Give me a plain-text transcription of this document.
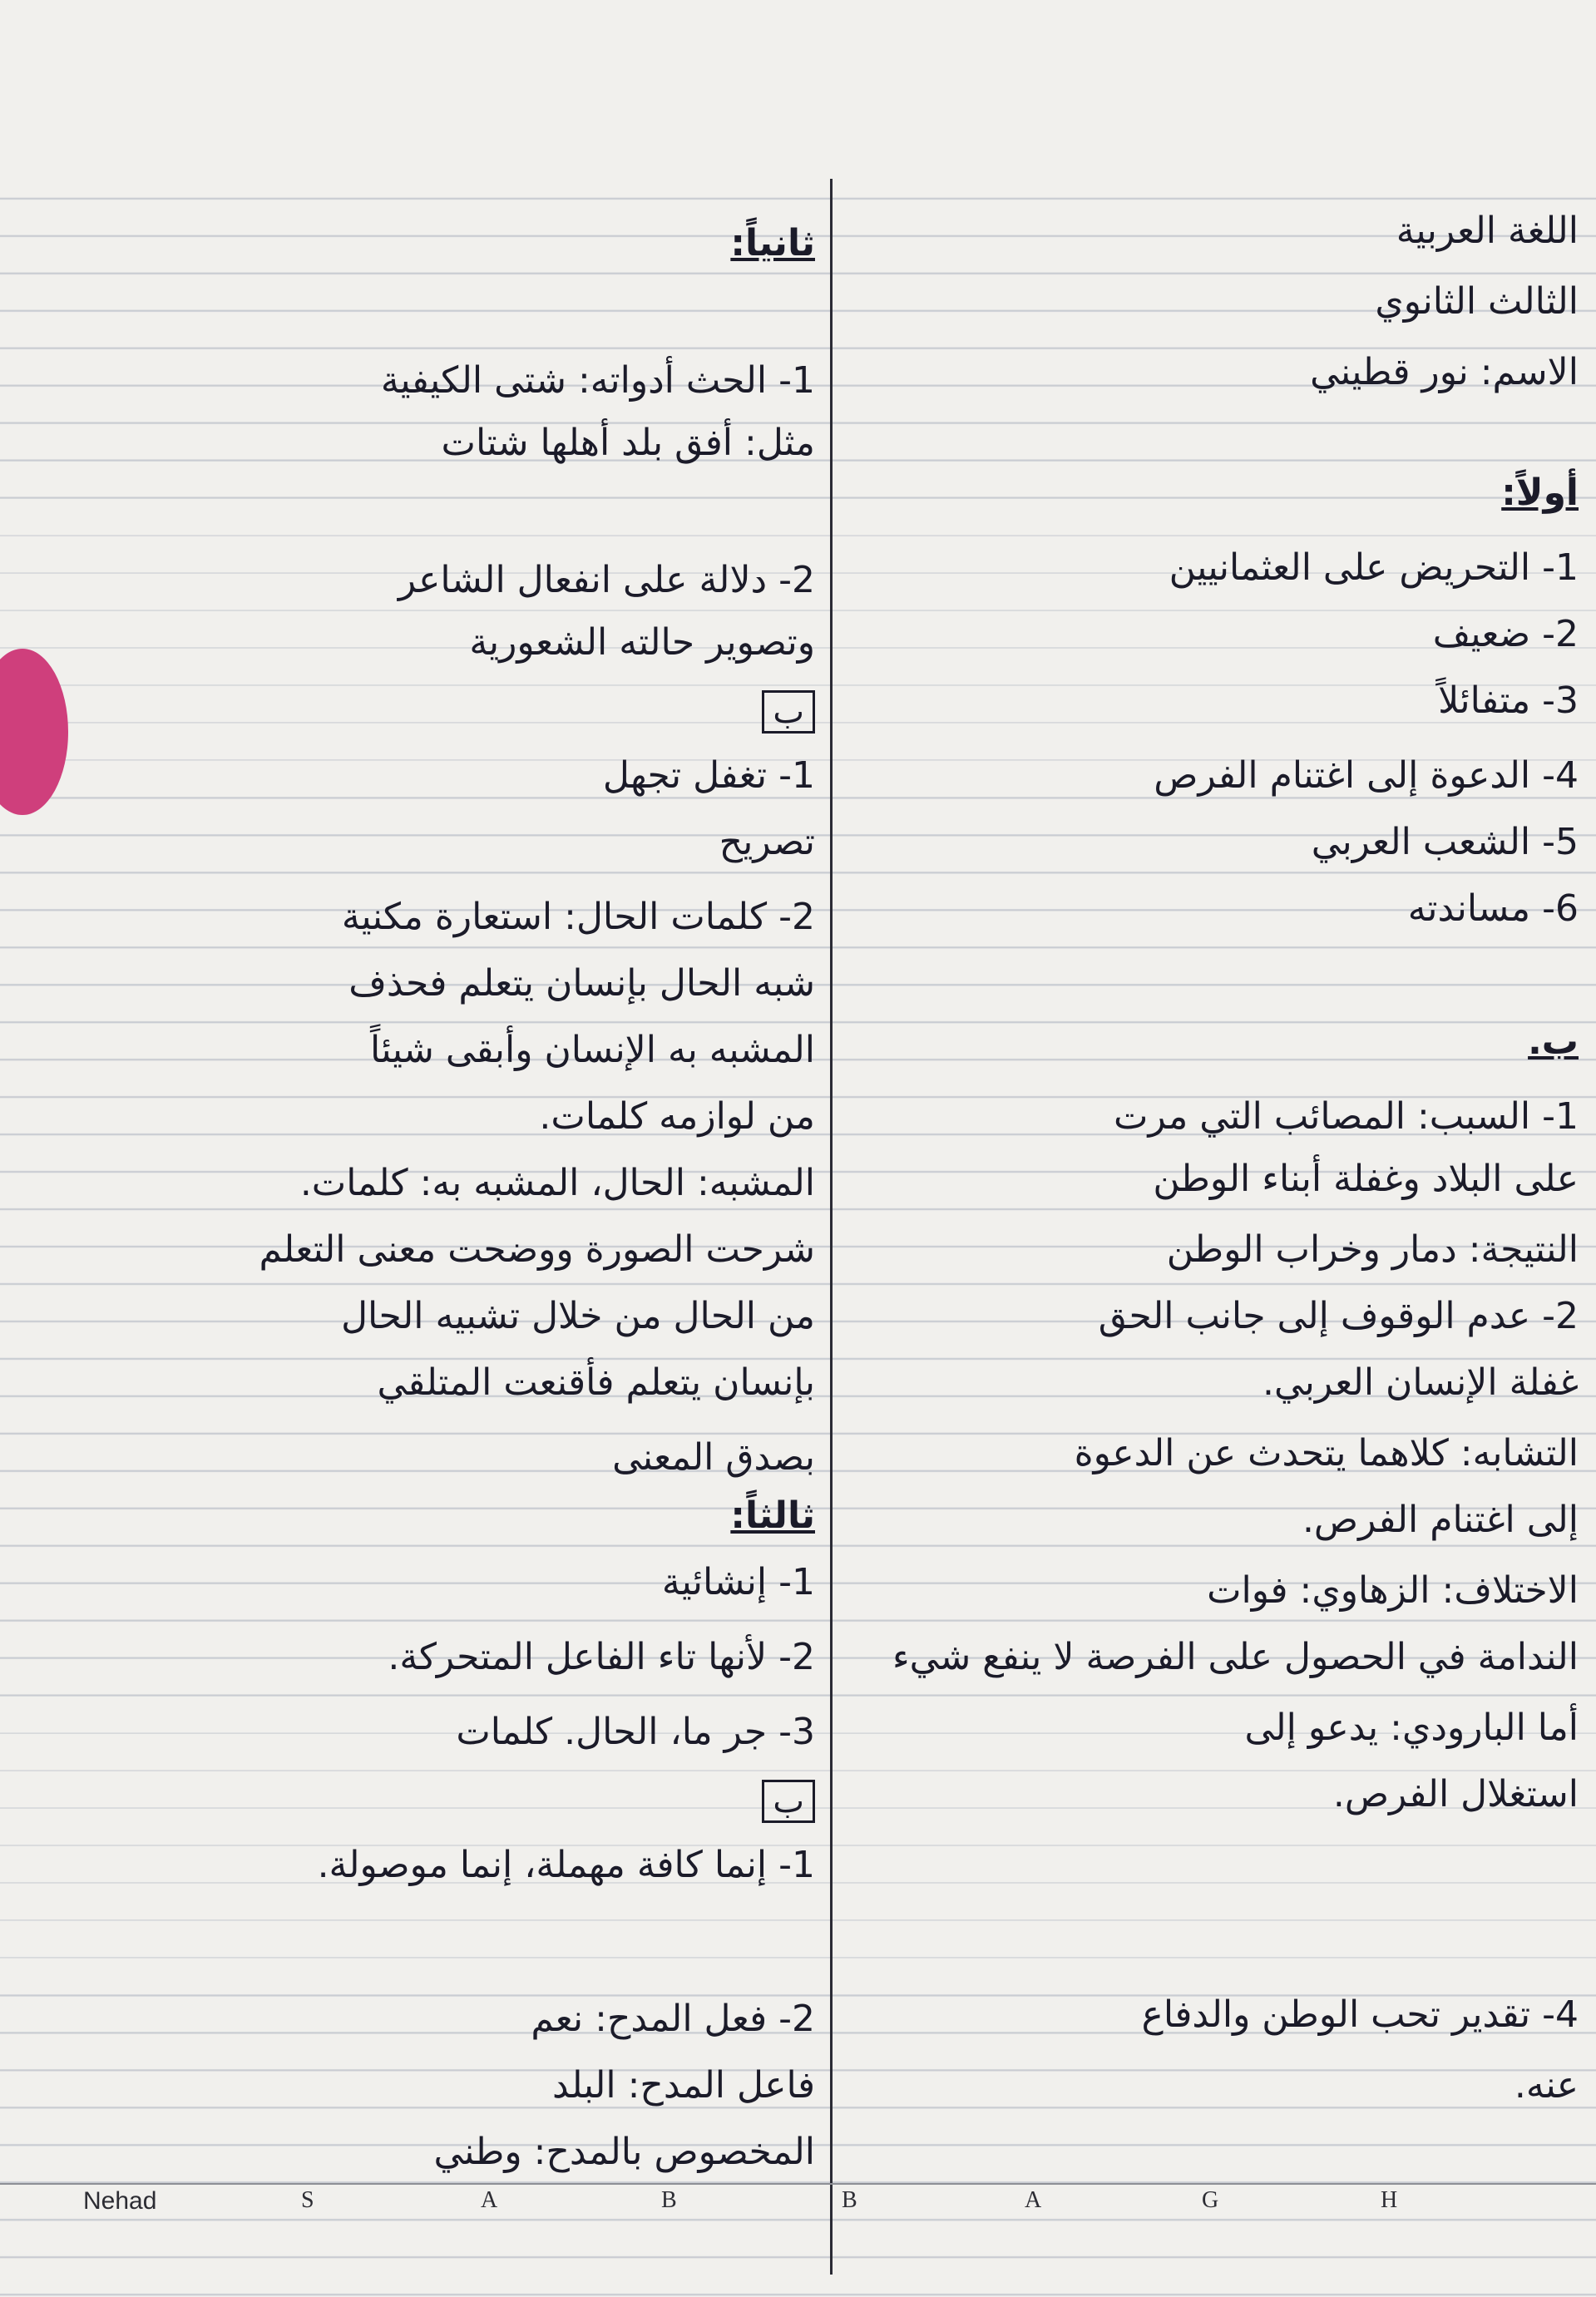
اللغة العربية

الثالث الثانوي

الاسم: نور قطيني

أولاً:

1- التحريض على العثمانيين

2- ضعيف

3- متفائلاً

4- الدعوة إلى اغتنام الفرص

5- الشعب العربي

6- مساندته

ب.

1- السبب: المصائب التي مرت

على البلاد وغفلة أبناء الوطن

النتيجة: دمار وخراب الوطن

2- عدم الوقوف إلى جانب الحق

غفلة الإنسان العربي.

التشابه: كلاهما يتحدث عن الدعوة

إلى اغتنام الفرص.

الاختلاف: الزهاوي: فوات

الندامة في الحصول على الفرصة لا ينفع شيء

أما البارودي: يدعو إلى

استغلال الفرص.

4- تقدير تحب الوطن والدفاع

عنه.

ثانياً:

1- الحث أدواته: شتى الكيفية

مثل: أفق بلد أهلها شتات

2- دلالة على انفعال الشاعر

وتصوير حالته الشعورية

ب

1- تغفل تجهل

تصريح

2- كلمات الحال: استعارة مكنية

شبه الحال بإنسان يتعلم فحذف

المشبه به الإنسان وأبقى شيئاً

من لوازمه كلمات.

المشبه: الحال، المشبه به: كلمات.

شرحت الصورة ووضحت معنى التعلم

من الحال من خلال تشبيه الحال

بإنسان يتعلم فأقنعت المتلقي

بصدق المعنى

ثالثاً:

1- إنشائية

2- لأنها تاء الفاعل المتحركة.

3- جر ما، الحال. كلمات

ب

1- إنما كافة مهملة، إنما موصولة.

2- فعل المدح: نعم

فاعل المدح: البلد

المخصوص بالمدح: وطني

Nehad	S	A	B	B	A	G	H
